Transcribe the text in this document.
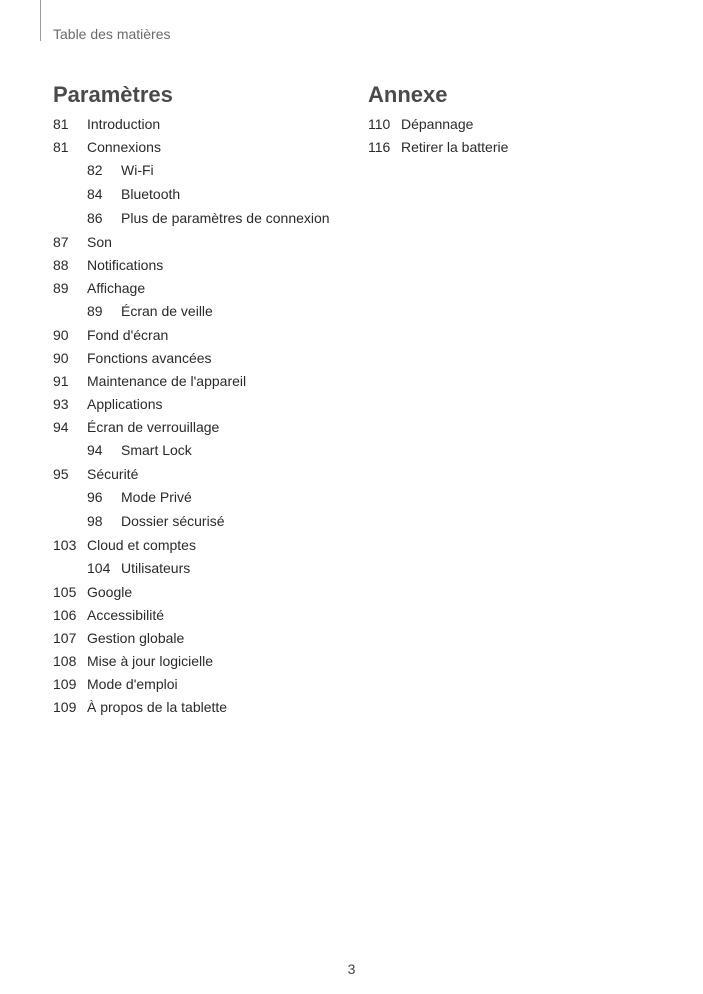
Table des matières
Paramètres
81	Introduction
81	Connexions
82	Wi-Fi
84	Bluetooth
86	Plus de paramètres de connexion
87	Son
88	Notifications
89	Affichage
89	Écran de veille
90	Fond d'écran
90	Fonctions avancées
91	Maintenance de l'appareil
93	Applications
94	Écran de verrouillage
94	Smart Lock
95	Sécurité
96	Mode Privé
98	Dossier sécurisé
103 Cloud et comptes
104 Utilisateurs
105 Google
106 Accessibilité
107 Gestion globale
108 Mise à jour logicielle
109 Mode d'emploi
109 À propos de la tablette
Annexe
110 Dépannage
116 Retirer la batterie
3
